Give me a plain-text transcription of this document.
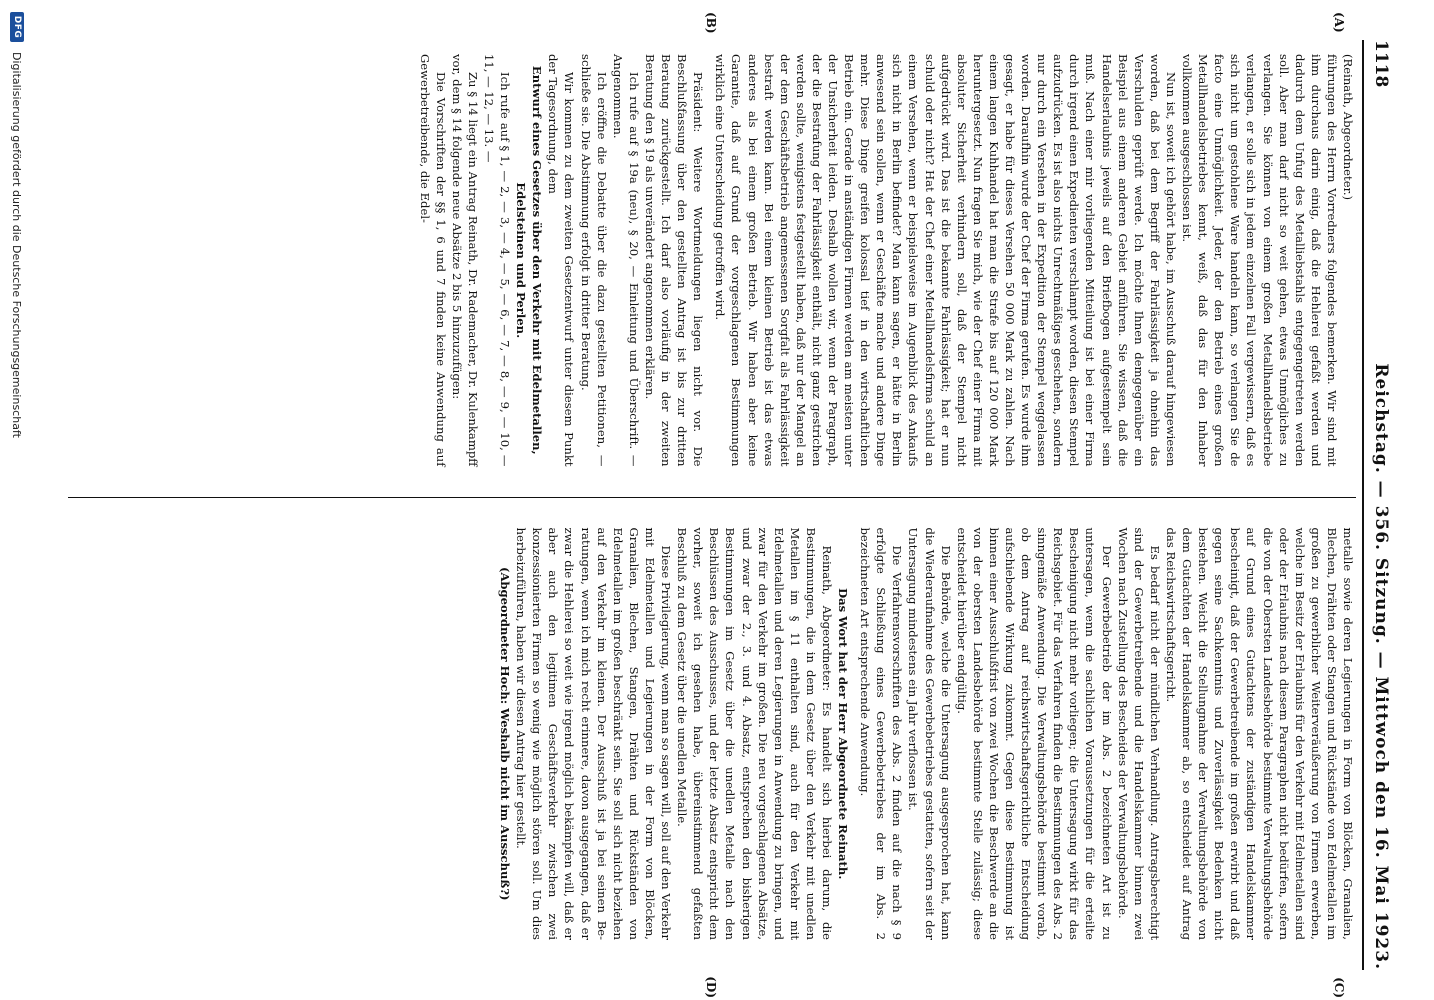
1118
Reichstag. — 356. Sitzung. — Mittwoch den 16. Mai 1923.
(A)
(B)
(C)
(D)

(Reinath, Abgeordneter.)

führungen des Herrn Vorredners folgendes bemerken. Wir sind mit ihm durchaus darin einig, daß die Hehlerei gefaßt werden und dadurch dem Unfug des Metalliebstahls entgegengetreten werden soll. Aber man darf nicht so weit gehen, etwas Unmögliches zu verlangen. Sie können von einem großen Metallhandelsbetriebe verlangen, er solle sich in jedem einzelnen Fall vergewissern, daß es sich nicht um gestohlene Ware handeln kann, so verlangen Sie de facto eine Unmöglichkeit. Jeder, der den Betrieb eines großen Metallhandelsbetriebes kennt, weiß, daß das für den Inhaber vollkommen ausgeschlossen ist.

Nun ist, soweit ich gehört habe, im Ausschuß darauf hingewiesen worden, daß bei dem Begriff der Fahrlässigkeit ja ohnehin das Verschulden geprüft werde. Ich möchte Ihnen demgegenüber ein Beispiel aus einem anderen Gebiet anführen. Sie wissen, daß die Handelserlaubnis jeweils auf den Briefbogen aufgestempelt sein muß. Nach einer mir vorliegenden Mitteilung ist bei einer Firma durch irgend einen Expedienten verschlampt worden, diesen Stempel aufzudrücken. Es ist also nichts Unrechtmäßiges geschehen, sondern nur durch ein Versehen in der Expedition der Stempel weggelassen worden. Daraufhin wurde der Chef der Firma gerufen. Es wurde ihm gesagt, er habe für dieses Versehen 50 000 Mark zu zahlen. Nach einem langen Kuhhandel hat man die Strafe bis auf 120 000 Mark heruntergesetzt. Nun fragen Sie mich, wie der Chef einer Firma mit absoluter Sicherheit verhindern soll, daß der Stempel nicht aufgedrückt wird. Das ist die bekannte Fahrlässigkeit; hat er nun schuld oder nicht? Hat der Chef einer Metallhandelsfirma schuld an einem Versehen, wenn er beispielsweise im Augenblick des Ankaufs sich nicht in Berlin befindet? Man kann sagen, er hätte in Berlin anwesend sein sollen, wenn er Geschäfte mache und andere Dinge mehr. Diese Dinge greifen kolossal tief in den wirtschaftlichen Betrieb ein. Gerade in anständigen Firmen werden am meisten unter der Unsicherheit leiden. Deshalb wollen wir, wenn der Paragraph, der die Bestrafung der Fahrlässigkeit enthält, nicht ganz gestrichen werden sollte, wenigstens festgestellt haben, daß nur der Mangel an der dem Geschäftsbetrieb angemessenen Sorgfalt als Fahrlässigkeit bestraft werden kann. Bei einem kleinen Betrieb ist das etwas anderes als bei einem großen Betrieb. Wir haben aber keine Garantie, daß auf Grund der vorgeschlagenen Bestimmungen wirklich eine Unterscheidung getroffen wird.

Präsident: Weitere Wortmeldungen liegen nicht vor. Die Beschlußfassung über den gestellten Antrag ist bis zur dritten Beratung zurückgestellt. Ich darf also vorläufig in der zweiten Beratung den § 19 als unverändert angenommen erklären.

Ich rufe auf § 19a (neu), § 20, — Einleitung und Überschrift. — Angenommen.

Ich eröffne die Debatte über die dazu gestellten Petitionen, — schließe sie. Die Abstimmung erfolgt in dritter Beratung.

Wir kommen zu dem zweiten Gesetzentwurf unter diesem Punkt der Tagesordnung, dem

Entwurf eines Gesetzes über den Verkehr mit Edelmetallen, Edelsteinen und Perlen.

Ich rufe auf § 1, — 2, — 3, — 4, — 5, — 6, — 7, — 8, — 9, — 10, — 11, — 12, — 13. —

Zu § 14 liegt ein Antrag Reinath, Dr. Rademacher, Dr. Kulenkampff vor, dem § 14 folgende neue Absätze 2 bis 5 hinzuzufügen:

Die Vorschriften der §§ 1, 6 und 7 finden keine Anwendung auf Gewerbetreibende, die Edel-

metalle sowie deren Legierungen in Form von Blöcken, Granalien, Blechen, Drähten oder Stangen und Rückstände von Edelmetallen im großen zu gewerblicher Weiterveräußerung von Firmen erwerben, welche im Besitz der Erlaubnis für den Verkehr mit Edelmetallen sind oder der Erlaubnis nach diesem Paragraphen nicht bedürfen, sofern die von der Obersten Landesbehörde bestimmte Verwaltungsbehörde auf Grund eines Gutachtens der zuständigen Handelskammer bescheinigt, daß der Gewerbetreibende im großen erwirbt und daß gegen seine Sachkenntnis und Zuverlässigkeit Bedenken nicht bestehen. Weicht die Stellungnahme der Verwaltungsbehörde von dem Gutachten der Handelskammer ab, so entscheidet auf Antrag das Reichswirtschaftsgericht.

Es bedarf nicht der mündlichen Verhandlung. Antragsberechtigt sind der Gewerbetreibende und die Handelskammer binnen zwei Wochen nach Zustellung des Bescheides der Verwaltungsbehörde.

Der Gewerbebetrieb der im Abs. 2 bezeichneten Art ist zu untersagen, wenn die sachlichen Voraussetzungen für die erteilte Bescheinigung nicht mehr vorliegen; die Untersagung wirkt für das Reichsgebiet. Für das Verfahren finden die Bestimmungen des Abs. 2 sinngemäße Anwendung. Die Verwaltungsbehörde bestimmt vorab, ob dem Antrag auf reichswirtschaftsgerichtliche Entscheidung aufschiebende Wirkung zukommt. Gegen diese Bestimmung ist binnen einer Ausschlußfrist von zwei Wochen die Beschwerde an die von der obersten Landesbehörde bestimmte Stelle zulässig; diese entscheidet hierüber endgültig.

Die Behörde, welche die Untersagung ausgesprochen hat, kann die Wiederaufnahme des Gewerbebetriebes gestatten, sofern seit der Untersagung mindestens ein Jahr verflossen ist.

Die Verfahrensvorschriften des Abs. 2 finden auf die nach § 9 erfolgte Schließung eines Gewerbebetriebes der im Abs. 2 bezeichneten Art entsprechende Anwendung.

Das Wort hat der Herr Abgeordnete Reinath.

Reinath, Abgeordneter: Es handelt sich hierbei darum, die Bestimmungen, die in dem Gesetz über den Verkehr mit unedlen Metallen im § 11 enthalten sind, auch für den Verkehr mit Edelmetallen und deren Legierungen in Anwendung zu bringen, und zwar für den Verkehr im großen. Die neu vorgeschlagenen Absätze, und zwar der 2., 3. und 4. Absatz, entsprechen den bisherigen Bestimmungen im Gesetz über die unedlen Metalle nach den Beschlüssen des Ausschusses, und der letzte Absatz entspricht dem vorher, soweit ich gesehen habe, übereinstimmend gefaßten Beschluß zu dem Gesetz über die unedlen Metalle.

Diese Privilegierung, wenn man so sagen will, soll auf den Verkehr mit Edelmetallen und Legierungen in der Form von Blöcken, Granalien, Blechen, Stangen, Drähten und Rückständen von Edelmetallen im großen beschränkt sein. Sie soll sich nicht beziehen auf den Verkehr im kleinen. Der Ausschuß ist ja bei seinen Beratungen, wenn ich mich recht erinnere, davon ausgegangen, daß er zwar die Hehlerei so weit wie irgend möglich bekämpfen will, daß er aber auch den legitimen Geschäftsverkehr zwischen zwei konzessionierten Firmen so wenig wie möglich stören soll. Um dies herbeizuführen, haben wir diesen Antrag hier gestellt.

(Abgeordneter Hoch: Weshalb nicht im Ausschuß?)

DFG
Digitalisierung gefördert durch die Deutsche Forschungsgemeinschaft
